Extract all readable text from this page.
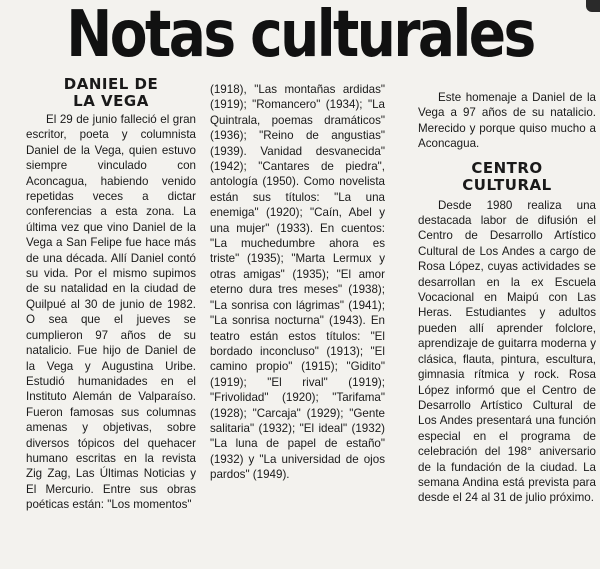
Notas culturales
DANIEL DE
LA VEGA

El 29 de junio falleció el gran escritor, poeta y columnista Daniel de la Vega, quien estuvo siempre vinculado con Aconcagua, habiendo venido repetidas veces a dictar conferencias a esta zona. La última vez que vino Daniel de la Vega a San Felipe fue hace más de una década. Allí Daniel contó su vida. Por el mismo supimos de su natalidad en la ciudad de Quilpué al 30 de junio de 1982. O sea que el jueves se cumplieron 97 años de su natalicio. Fue hijo de Daniel de la Vega y Augustina Uribe. Estudió humanidades en el Instituto Alemán de Valparaíso. Fueron famosas sus columnas amenas y objetivas, sobre diversos tópicos del quehacer humano escritas en la revista Zig Zag, Las Últimas Noticias y El Mercurio. Entre sus obras poéticas están: "Los momentos"

(1918), "Las montañas ardidas" (1919); "Romancero" (1934); "La Quintrala, poemas dramáticos" (1936); "Reino de angustias" (1939). Vanidad desvanecida" (1942); "Cantares de piedra", antología (1950). Como novelista están sus títulos: "La una enemiga" (1920); "Caín, Abel y una mujer" (1933). En cuentos: "La muchedumbre ahora es triste" (1935); "Marta Lermux y otras amigas" (1935); "El amor eterno dura tres meses" (1938); "La sonrisa con lágrimas" (1941); "La sonrisa nocturna" (1943). En teatro están estos títulos: "El bordado inconcluso" (1913); "El camino propio" (1915); "Gidito" (1919); "El rival" (1919); "Frivolidad" (1920); "Tarifama" (1928); "Carcaja" (1929); "Gente salitaria" (1932); "El ideal" (1932) "La luna de papel de estaño" (1932) y "La universidad de ojos pardos" (1949).

Este homenaje a Daniel de la Vega a 97 años de su natalicio. Merecido y porque quiso mucho a Aconcagua.

CENTRO
CULTURAL

Desde 1980 realiza una destacada labor de difusión el Centro de Desarrollo Artístico Cultural de Los Andes a cargo de Rosa López, cuyas actividades se desarrollan en la ex Escuela Vocacional en Maipú con Las Heras. Estudiantes y adultos pueden allí aprender folclore, aprendizaje de guitarra moderna y clásica, flauta, pintura, escultura, gimnasia rítmica y rock. Rosa López informó que el Centro de Desarrollo Artístico Cultural de Los Andes presentará una función especial en el programa de celebración del 198° aniversario de la fundación de la ciudad. La semana Andina está prevista para desde el 24 al 31 de julio próximo.
